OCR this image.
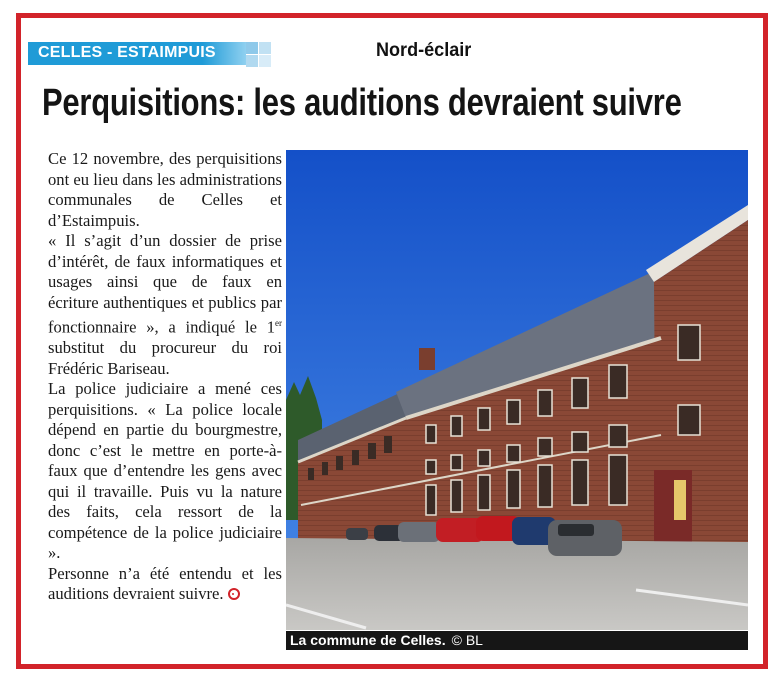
CELLES - ESTAIMPUIS	Nord-éclair
Perquisitions: les auditions devraient suivre

Ce 12 novembre, des perquisitions ont eu lieu dans les administrations communales de Celles et d’Estaimpuis.

« Il s’agit d’un dossier de prise d’intérêt, de faux informatiques et usages ainsi que de faux en écriture authentiques et publics par fonctionnaire », a indiqué le 1er substitut du procureur du roi Frédéric Bariseau.

La police judiciaire a mené ces perquisitions. « La police locale dépend en partie du bourgmestre, donc c’est le mettre en porte-à-faux que d’entendre les gens avec qui il travaille. Puis vu la nature des faits, cela ressort de la compétence de la police judiciaire ».

Personne n’a été entendu et les auditions devraient suivre.

La commune de Celles. © BL
